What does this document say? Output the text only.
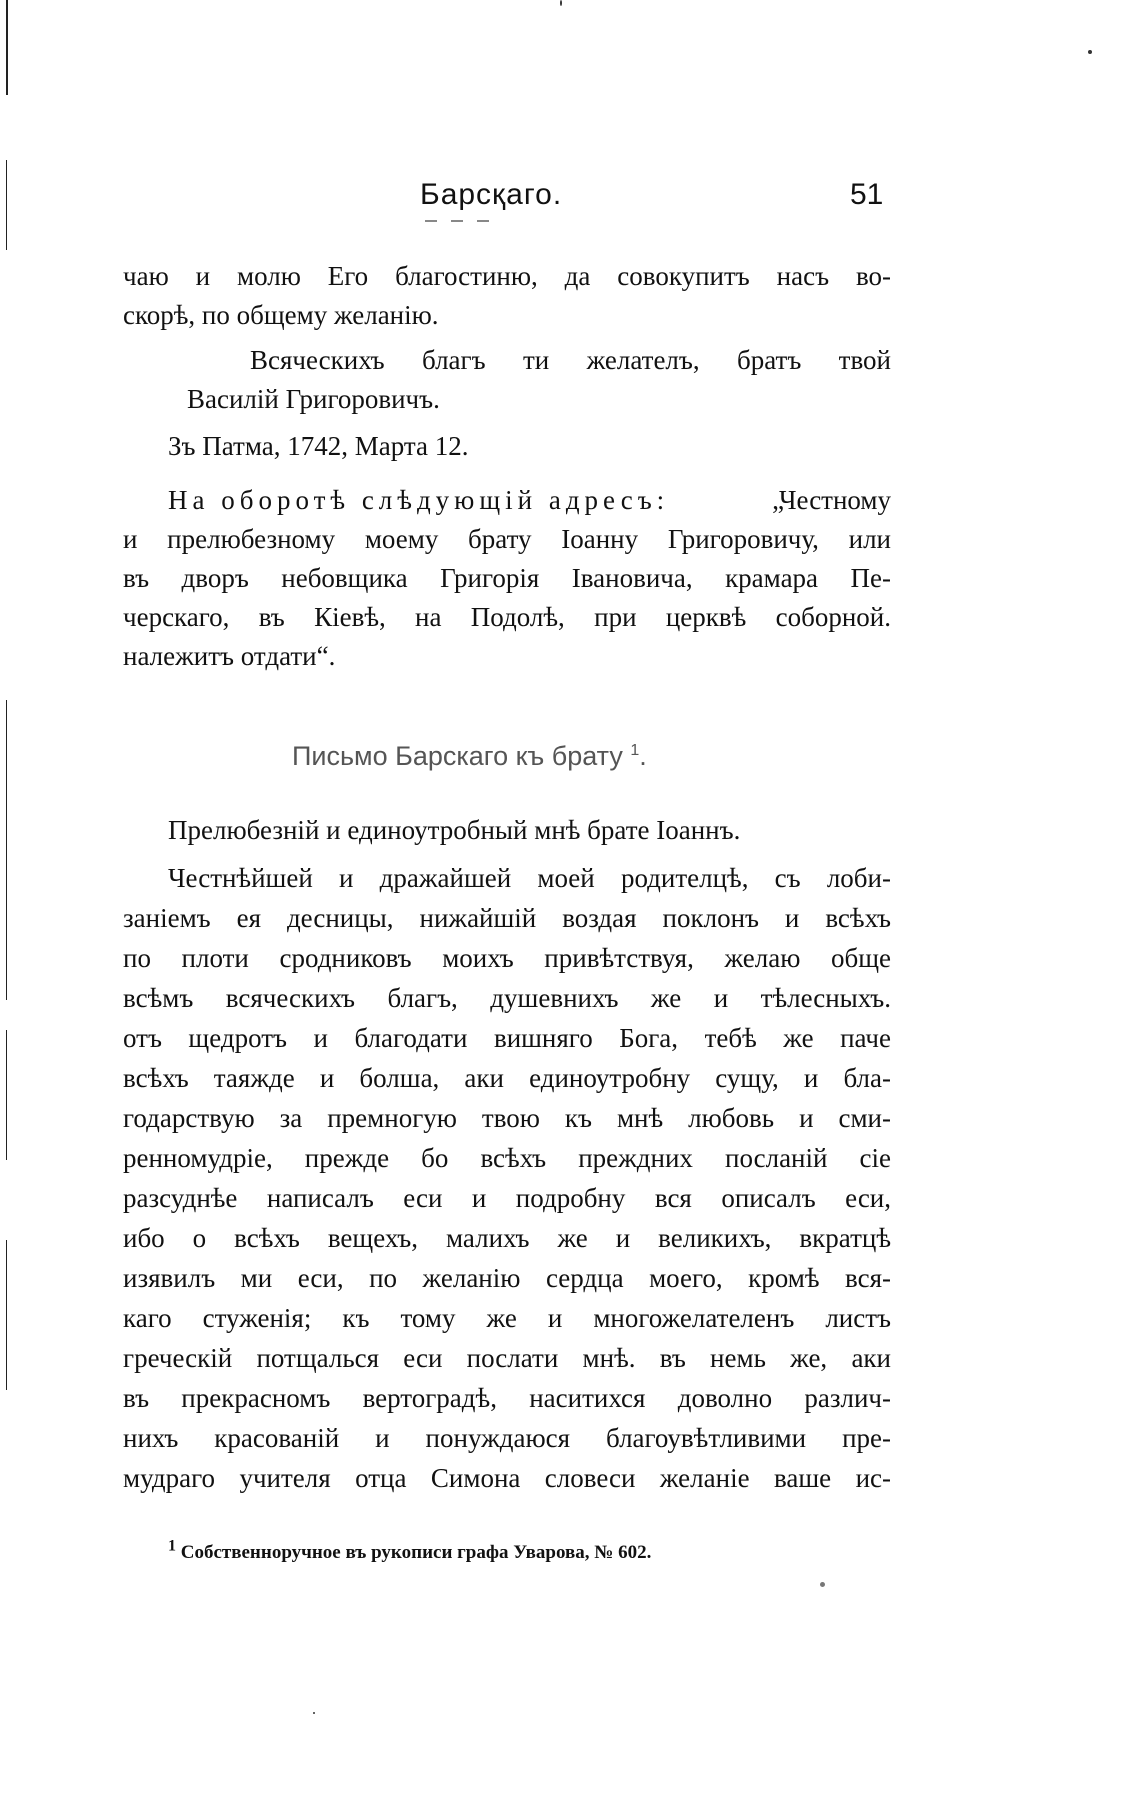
Барсқаго.	51
чаю и молю Его благостиню, да совокупитъ насъ во-
скорѣ, по общему желанію.
Всяческихъ благъ ти желателъ, братъ твой
Василій Григоровичъ.
Зъ Патма, 1742, Марта 12.
На оборотѣ слѣдующій адресъ:	„Честному
и прелюбезному моему брату Іоанну Григоровичу, или
въ дворъ небовщика Григорія Івановича, крамара Пе-
черскаго, въ Кіевѣ, на Подолѣ, при церквѣ соборной.
належитъ отдати“.
Письмо Барскаго къ брату $^1$.
Прелюбезній и единоутробный мнѣ брате Іоаннъ.
Честнѣйшей и дражайшей моей родителцѣ, съ лоби-
заніемъ ея десницы, нижайшій воздая поклонъ и всѣхъ
по плоти сродниковъ моихъ привѣтствуя, желаю обще
всѣмъ всяческихъ благъ, душевнихъ же и тѣлесныхъ.
отъ щедротъ и благодати вишняго Бога, тебѣ же паче
всѣхъ таяжде и болша, аки единоутробну сущу, и бла-
годарствую за премногую твою къ мнѣ любовь и сми-
ренномудріе, прежде бо всѣхъ преждних посланій сіе
разсуднѣе написалъ еси и подробну вся описалъ еси,
ибо о всѣхъ вещехъ, малихъ же и великихъ, вкратцѣ
изявилъ ми еси, по желанію сердца моего, кромѣ вся-
каго стуженія; къ тому же и многожелателенъ листъ
греческій потщалься еси послати мнѣ. въ немь же, аки
въ прекрасномъ вертоградѣ, наситихся доволно различ-
нихъ красованій и понуждаюся благоувѣтливими пре-
мудраго учителя отца Симона словеси желаніе ваше ис-
$^1$ Собственноручное въ рукописи графа Уварова, № 602.
